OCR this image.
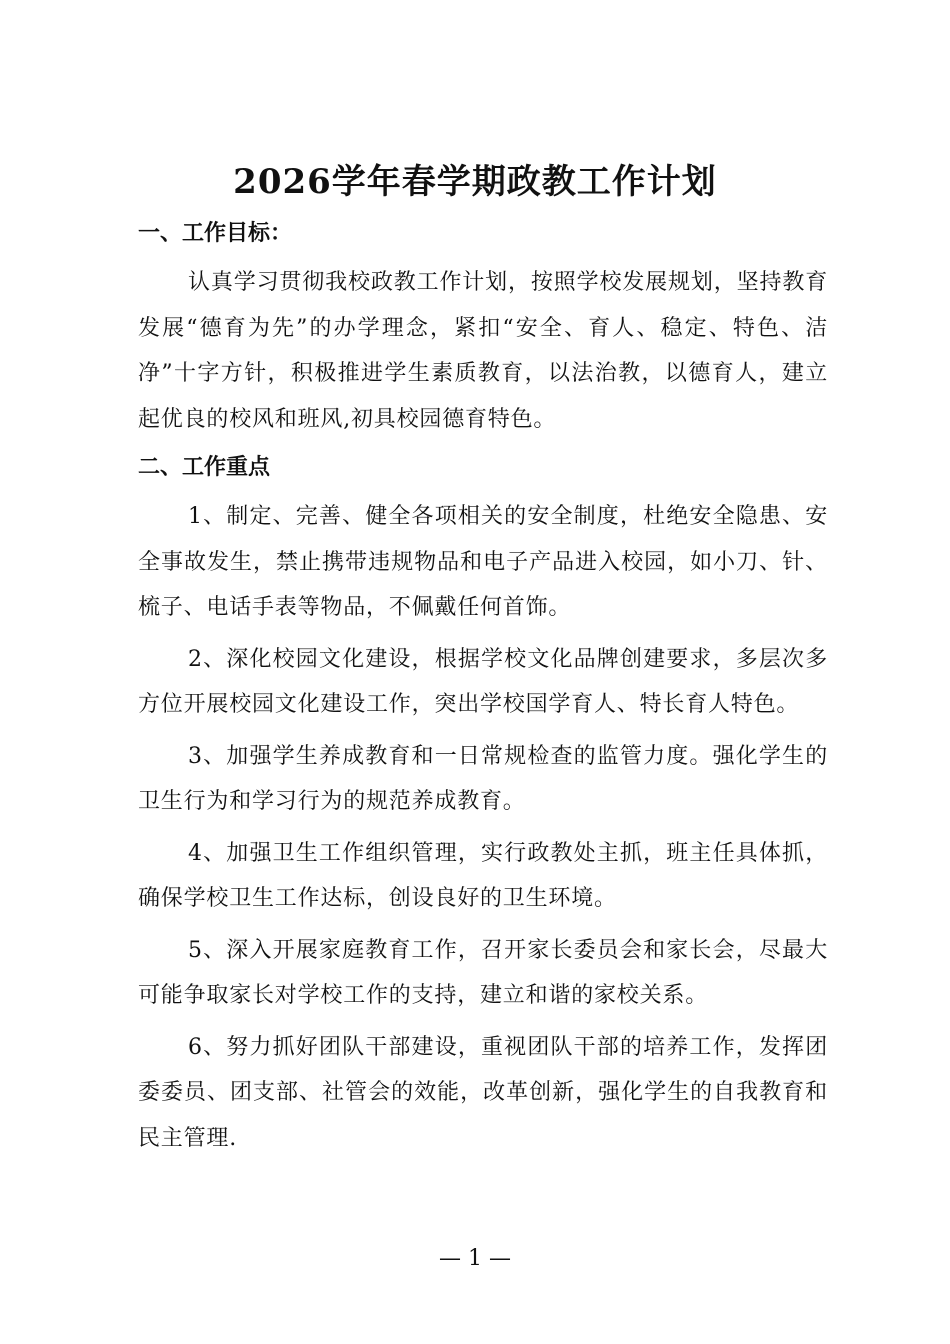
2026学年春学期政教工作计划
一、工作目标：

认真学习贯彻我校政教工作计划，按照学校发展规划，坚持教育发展“德育为先”的办学理念，紧扣“安全、育人、稳定、特色、洁净”十字方针，积极推进学生素质教育，以法治教，以德育人，建立起优良的校风和班风,初具校园德育特色。

二、工作重点

1、制定、完善、健全各项相关的安全制度，杜绝安全隐患、安全事故发生，禁止携带违规物品和电子产品进入校园，如小刀、针、梳子、电话手表等物品，不佩戴任何首饰。

2、深化校园文化建设，根据学校文化品牌创建要求，多层次多方位开展校园文化建设工作，突出学校国学育人、特长育人特色。

3、加强学生养成教育和一日常规检查的监管力度。强化学生的卫生行为和学习行为的规范养成教育。

4、加强卫生工作组织管理，实行政教处主抓，班主任具体抓，确保学校卫生工作达标，创设良好的卫生环境。

5、深入开展家庭教育工作，召开家长委员会和家长会，尽最大可能争取家长对学校工作的支持，建立和谐的家校关系。

6、努力抓好团队干部建设，重视团队干部的培养工作，发挥团委委员、团支部、社管会的效能，改革创新，强化学生的自我教育和民主管理.

— 1 —
